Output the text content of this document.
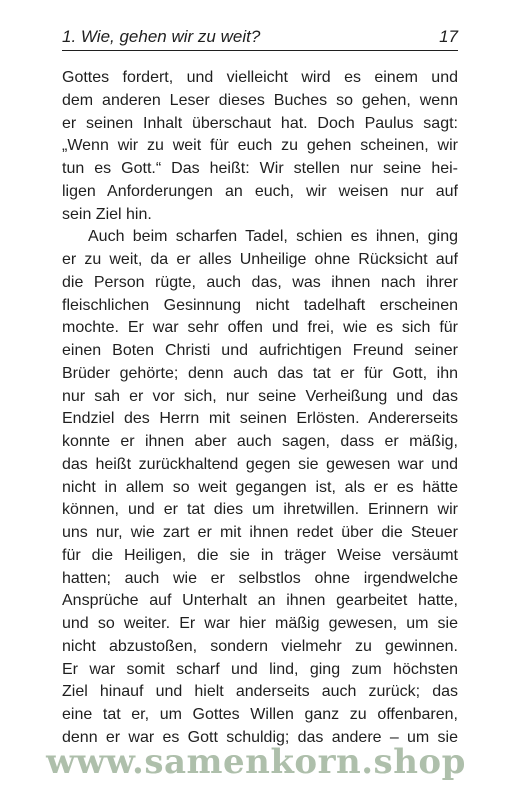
1. Wie, gehen wir zu weit?	17
Gottes fordert, und vielleicht wird es einem und
dem anderen Leser dieses Buches so gehen, wenn
er seinen Inhalt überschaut hat. Doch Paulus sagt:
„Wenn wir zu weit für euch zu gehen scheinen, wir
tun es Gott.“ Das heißt: Wir stellen nur seine hei-
ligen Anforderungen an euch, wir weisen nur auf
sein Ziel hin.
Auch beim scharfen Tadel, schien es ihnen, ging
er zu weit, da er alles Unheilige ohne Rücksicht auf
die Person rügte, auch das, was ihnen nach ihrer
fleischlichen Gesinnung nicht tadelhaft erscheinen
mochte. Er war sehr offen und frei, wie es sich für
einen Boten Christi und aufrichtigen Freund seiner
Brüder gehörte; denn auch das tat er für Gott, ihn
nur sah er vor sich, nur seine Verheißung und das
Endziel des Herrn mit seinen Erlösten. Andererseits
konnte er ihnen aber auch sagen, dass er mäßig,
das heißt zurückhaltend gegen sie gewesen war und
nicht in allem so weit gegangen ist, als er es hätte
können, und er tat dies um ihretwillen. Erinnern wir
uns nur, wie zart er mit ihnen redet über die Steuer
für die Heiligen, die sie in träger Weise versäumt
hatten; auch wie er selbstlos ohne irgendwelche
Ansprüche auf Unterhalt an ihnen gearbeitet hatte,
und so weiter. Er war hier mäßig gewesen, um sie
nicht abzustoßen, sondern vielmehr zu gewinnen.
Er war somit scharf und lind, ging zum höchsten
Ziel hinauf und hielt anderseits auch zurück; das
eine tat er, um Gottes Willen ganz zu offenbaren,
denn er war es Gott schuldig; das andere – um sie
www.samenkorn.shop
